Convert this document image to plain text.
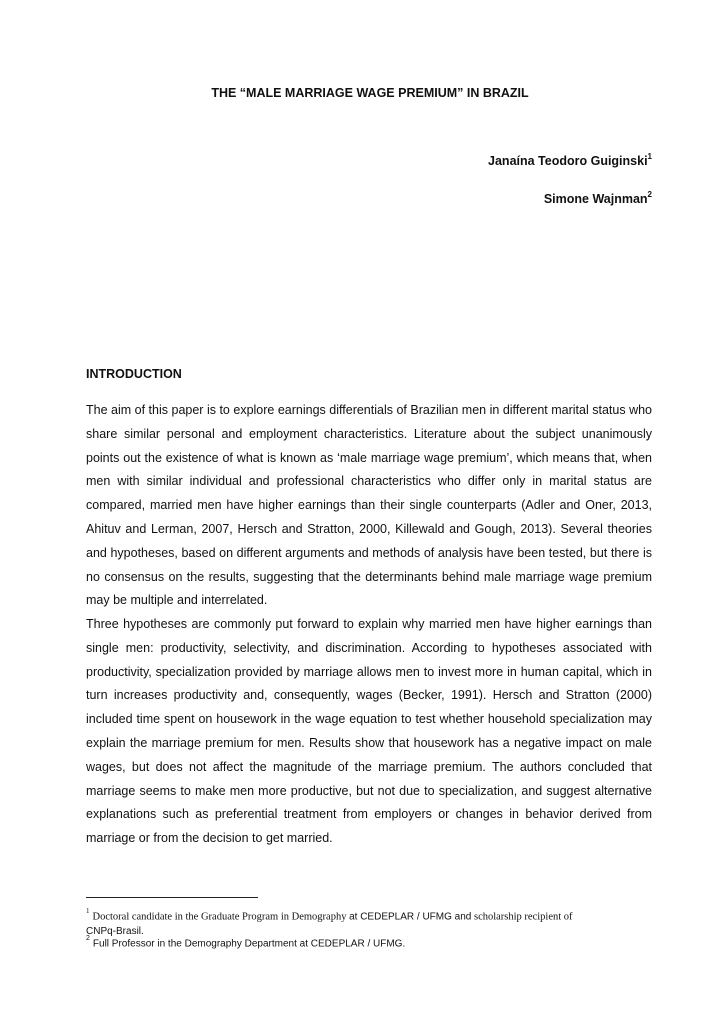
THE “MALE MARRIAGE WAGE PREMIUM” IN BRAZIL
Janaína Teodoro Guiginski$^1$
Simone Wajnman$^2$
INTRODUCTION

The aim of this paper is to explore earnings differentials of Brazilian men in different marital status who share similar personal and employment characteristics. Literature about the subject unanimously points out the existence of what is known as ‘male marriage wage premium’, which means that, when men with similar individual and professional characteristics who differ only in marital status are compared, married men have higher earnings than their single counterparts (Adler and Oner, 2013, Ahituv and Lerman, 2007, Hersch and Stratton, 2000, Killewald and Gough, 2013). Several theories and hypotheses, based on different arguments and methods of analysis have been tested, but there is no consensus on the results, suggesting that the determinants behind male marriage wage premium may be multiple and interrelated.

Three hypotheses are commonly put forward to explain why married men have higher earnings than single men: productivity, selectivity, and discrimination. According to hypotheses associated with productivity, specialization provided by marriage allows men to invest more in human capital, which in turn increases productivity and, consequently, wages (Becker, 1991). Hersch and Stratton (2000) included time spent on housework in the wage equation to test whether household specialization may explain the marriage premium for men. Results show that housework has a negative impact on male wages, but does not affect the magnitude of the marriage premium. The authors concluded that marriage seems to make men more productive, but not due to specialization, and suggest alternative explanations such as preferential treatment from employers or changes in behavior derived from marriage or from the decision to get married.

$^1$Doctoral candidate in the Graduate Program in Demography at CEDEPLAR / UFMG and scholarship recipient of
CNPq-Brasil.
$^2$ Full Professor in the Demography Department at CEDEPLAR / UFMG.
